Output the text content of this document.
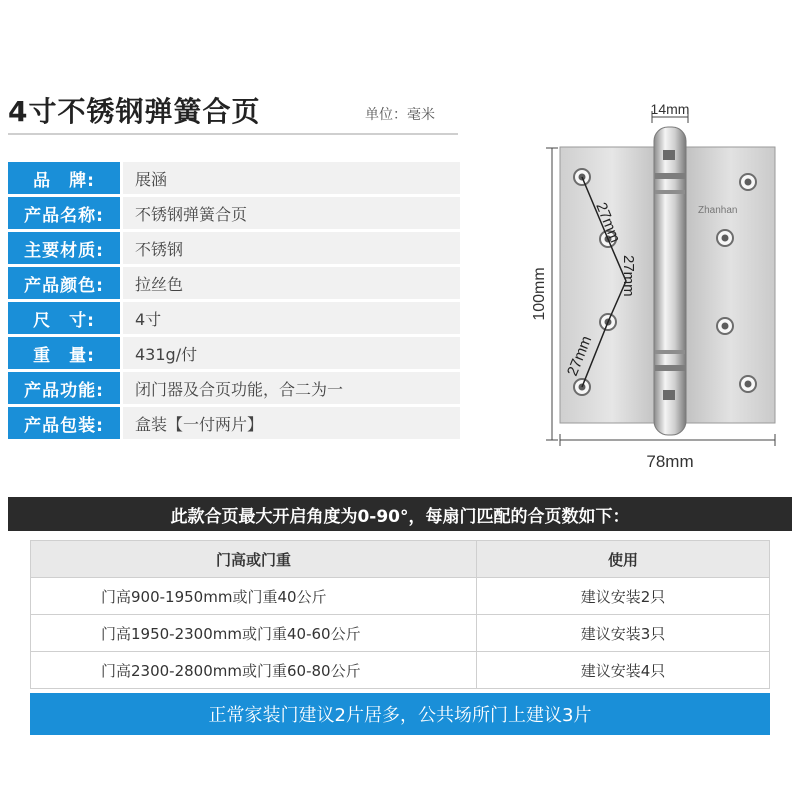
4寸不锈钢弹簧合页	单位：毫米
品　牌:	展涵
产品名称:	不锈钢弹簧合页
主要材质:	不锈钢
产品颜色:	拉丝色
尺　寸:	4寸
重　量:	431g/付
产品功能:	闭门器及合页功能，合二为一
产品包装:	盒装【一付两片】
14mm
100mm
78mm
27mm
27mm
27mm
Zhanhan
此款合页最大开启角度为0-90°，每扇门匹配的合页数如下：
门高或门重	使用
门高900-1950mm或门重40公斤	建议安装2只
门高1950-2300mm或门重40-60公斤	建议安装3只
门高2300-2800mm或门重60-80公斤	建议安装4只
正常家装门建议2片居多，公共场所门上建议3片
